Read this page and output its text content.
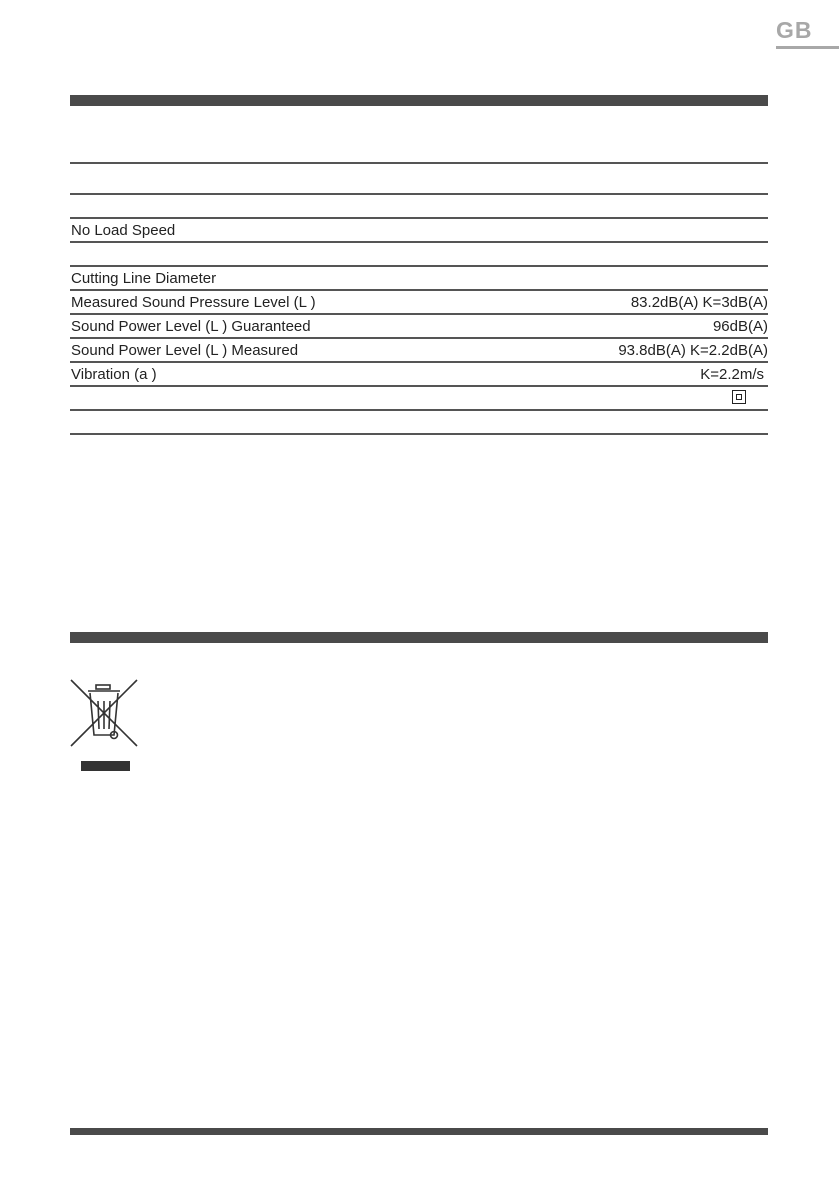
GB
No Load Speed
Cutting Line Diameter
Measured Sound Pressure Level (L )	83.2dB(A) K=3dB(A)
Sound Power Level (L ) Guaranteed	96dB(A)
Sound Power Level (L ) Measured	93.8dB(A) K=2.2dB(A)
Vibration (a )	K=2.2m/s
